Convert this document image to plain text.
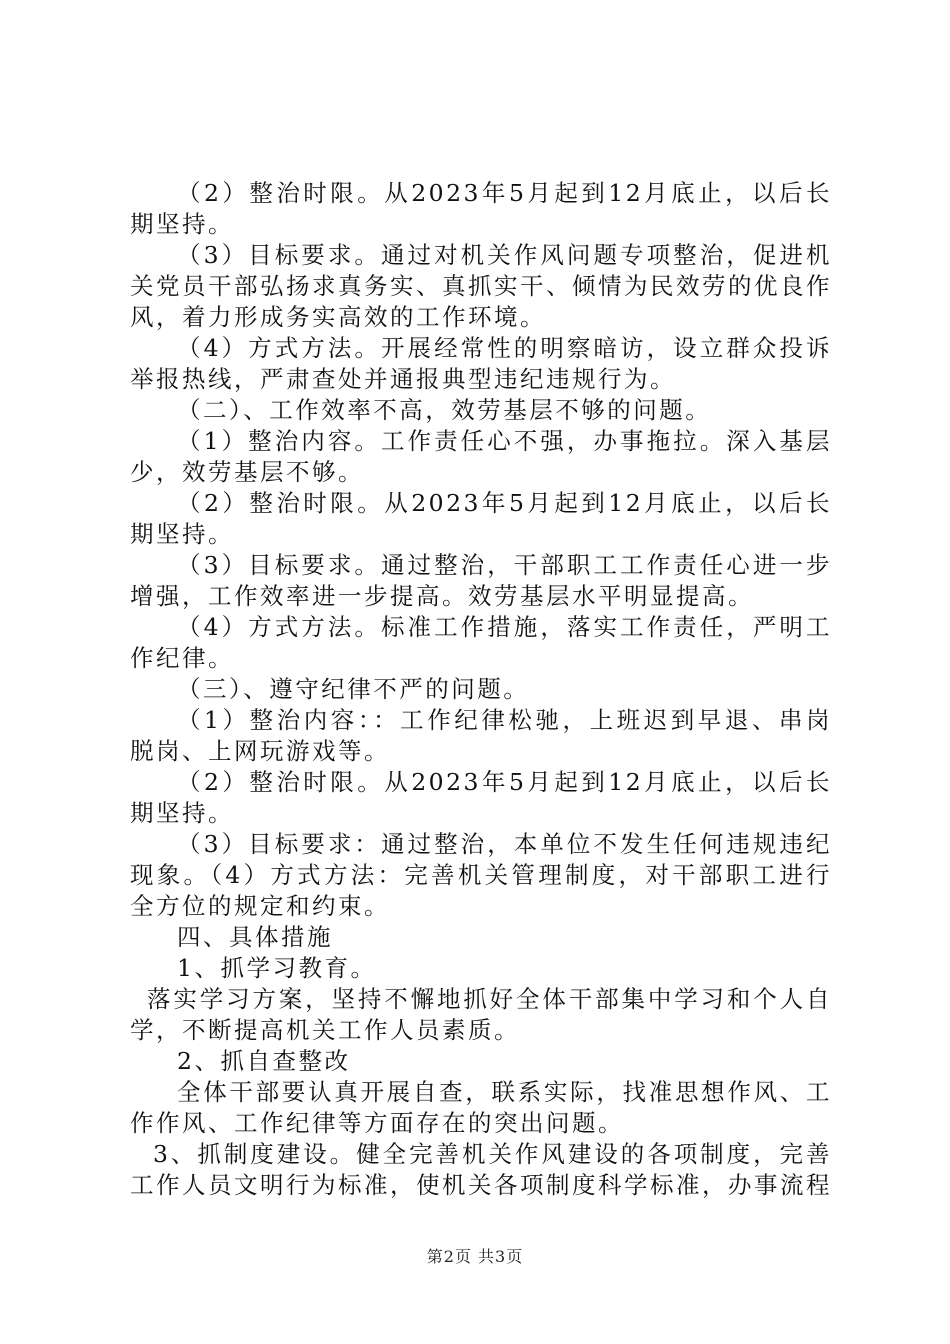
（2）整治时限。从2023年5月起到12月底止，以后长期坚持。

（3）目标要求。通过对机关作风问题专项整治，促进机关党员干部弘扬求真务实、真抓实干、倾情为民效劳的优良作风，着力形成务实高效的工作环境。

（4）方式方法。开展经常性的明察暗访，设立群众投诉举报热线，严肃查处并通报典型违纪违规行为。

（二）、工作效率不高，效劳基层不够的问题。

（1）整治内容。工作责任心不强，办事拖拉。深入基层少，效劳基层不够。

（2）整治时限。从2023年5月起到12月底止，以后长期坚持。

（3）目标要求。通过整治，干部职工工作责任心进一步增强，工作效率进一步提高。效劳基层水平明显提高。

（4）方式方法。标准工作措施，落实工作责任，严明工作纪律。

（三）、遵守纪律不严的问题。

（1）整治内容：：工作纪律松驰，上班迟到早退、串岗脱岗、上网玩游戏等。

（2）整治时限。从2023年5月起到12月底止，以后长期坚持。

（3）目标要求：通过整治，本单位不发生任何违规违纪现象。（4）方式方法：完善机关管理制度，对干部职工进行全方位的规定和约束。

四、具体措施

1、抓学习教育。

落实学习方案，坚持不懈地抓好全体干部集中学习和个人自学，不断提高机关工作人员素质。

2、抓自查整改

全体干部要认真开展自查，联系实际，找准思想作风、工作作风、工作纪律等方面存在的突出问题。

3、抓制度建设。健全完善机关作风建设的各项制度，完善工作人员文明行为标准，使机关各项制度科学标准，办事流程

第2页 共3页
